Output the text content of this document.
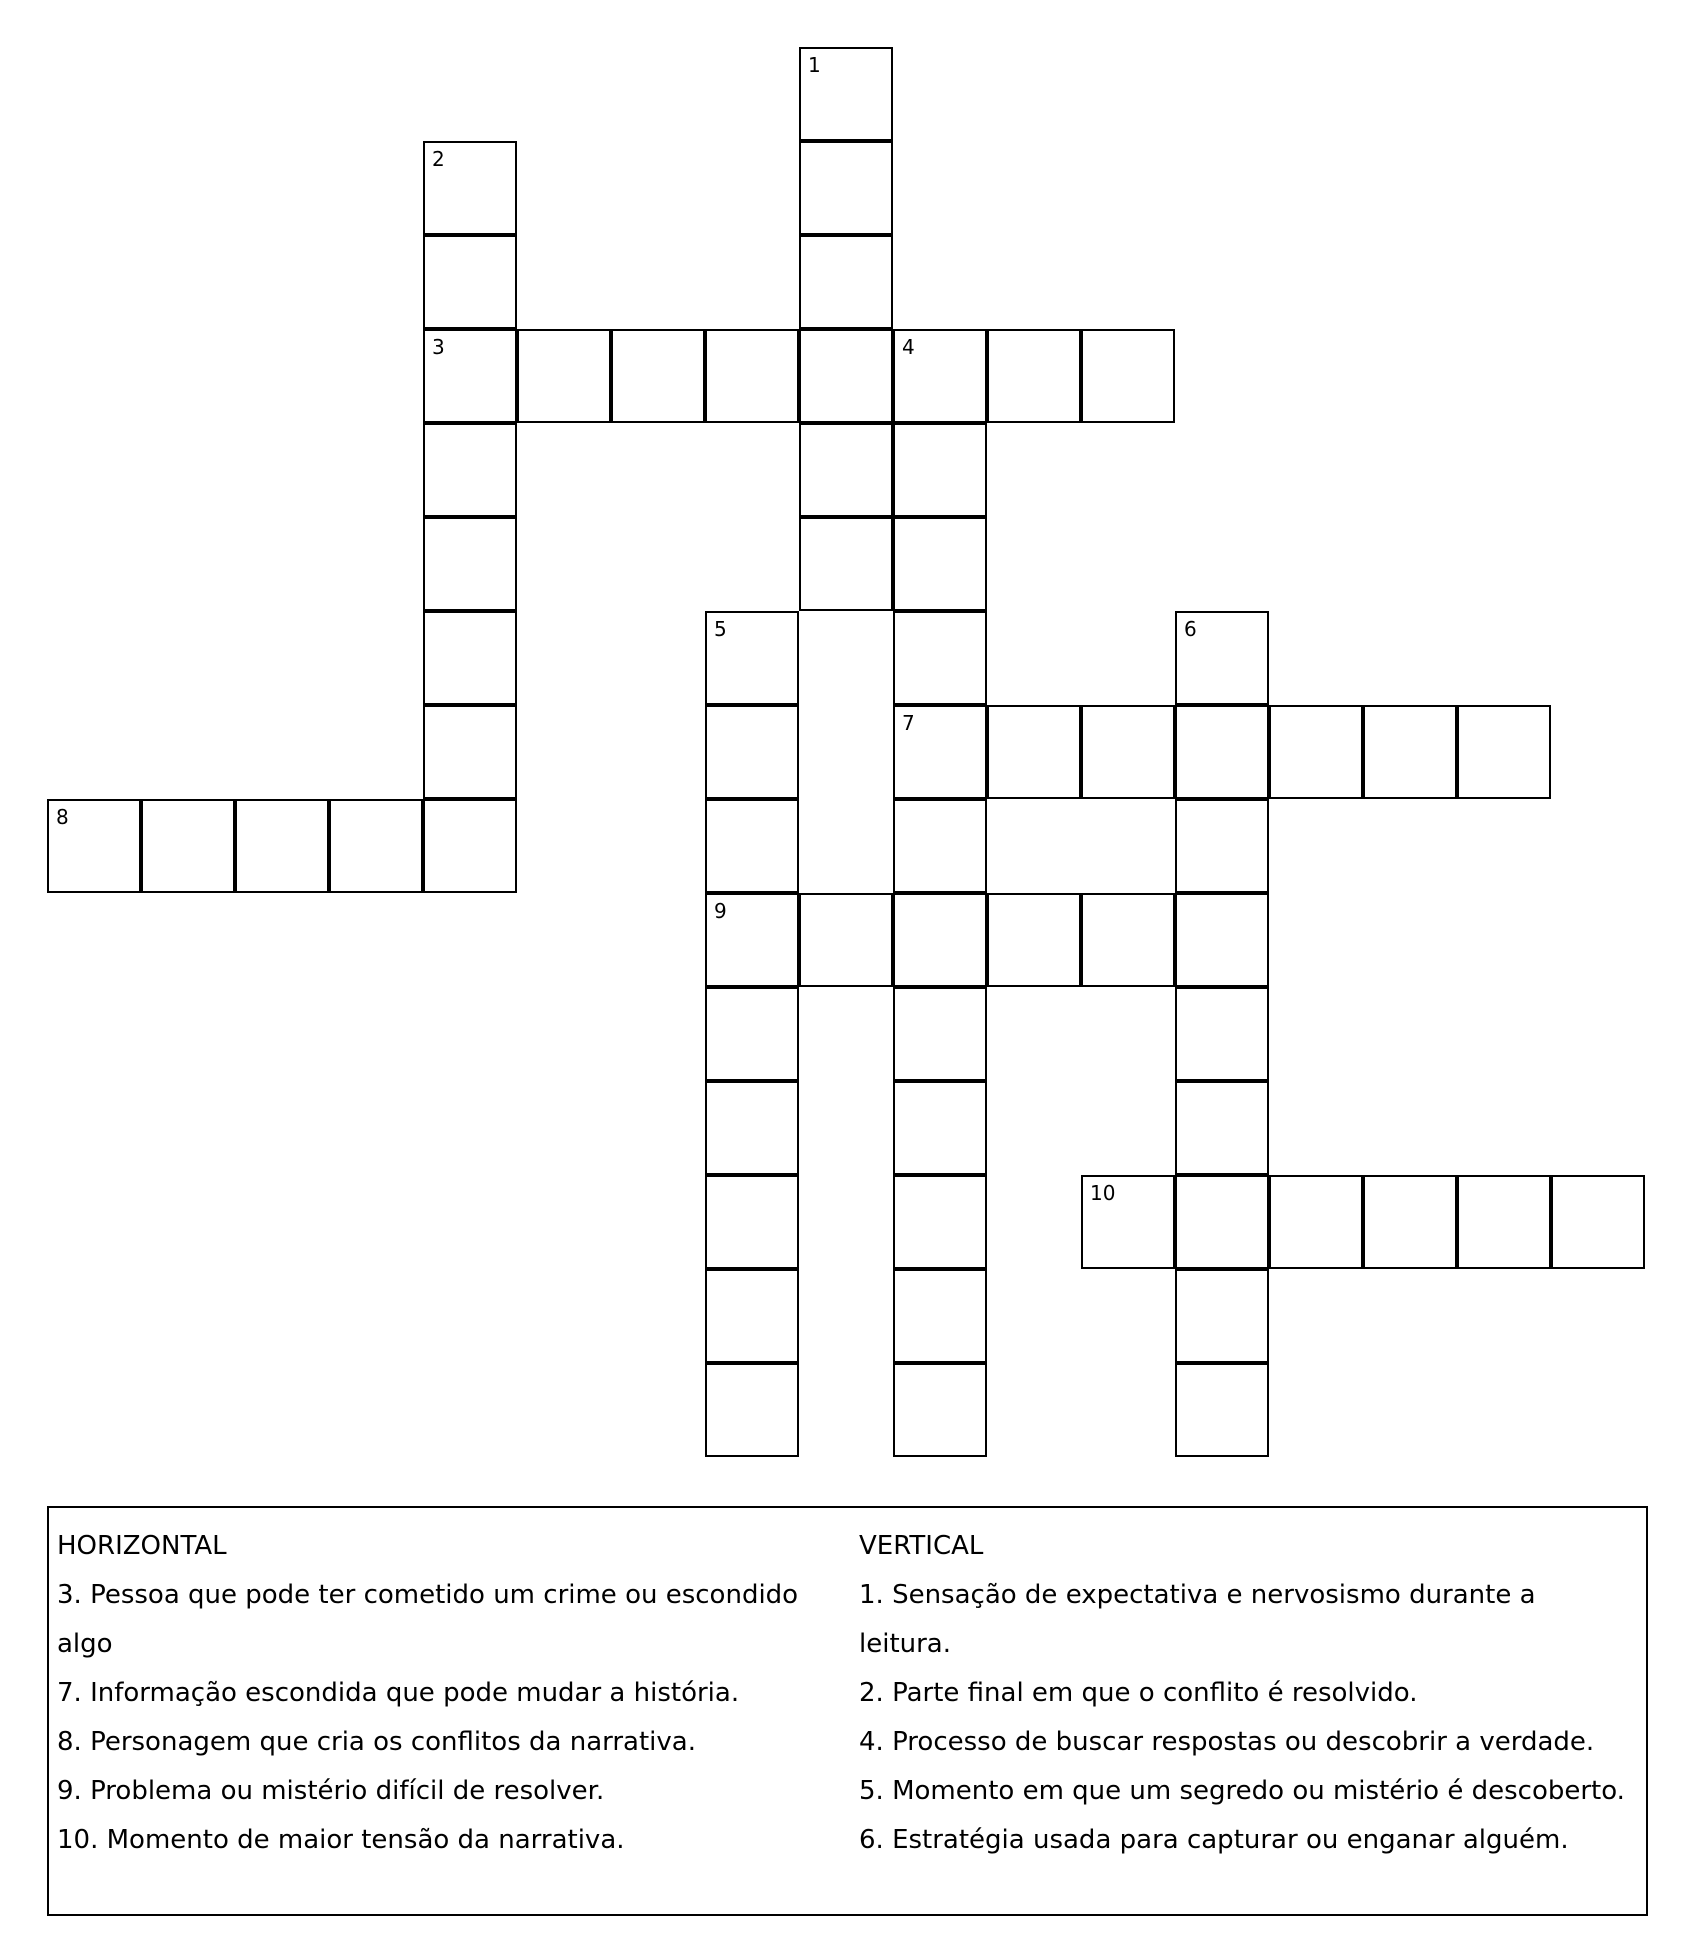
1
2
3	4
7
5
9
6
8
10
HORIZONTAL
3. Pessoa que pode ter cometido um crime ou escondido
algo
7. Informação escondida que pode mudar a história.
8. Personagem que cria os conflitos da narrativa.
9. Problema ou mistério difícil de resolver.
10. Momento de maior tensão da narrativa.
VERTICAL
1. Sensação de expectativa e nervosismo durante a
leitura.
2. Parte final em que o conflito é resolvido.
4. Processo de buscar respostas ou descobrir a verdade.
5. Momento em que um segredo ou mistério é descoberto.
6. Estratégia usada para capturar ou enganar alguém.
